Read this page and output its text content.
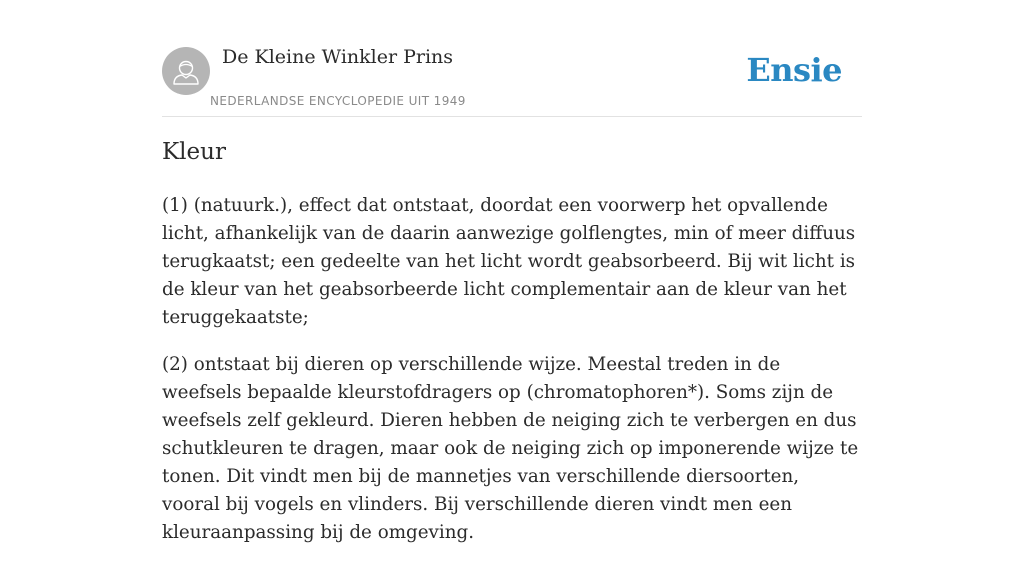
De Kleine Winkler Prins
NEDERLANDSE ENCYCLOPEDIE UIT 1949
Ensie
Kleur

(1) (natuurk.), effect dat ontstaat, doordat een voorwerp het opvallende licht, afhankelijk van de daarin aanwezige golflengtes, min of meer diffuus terugkaatst; een gedeelte van het licht wordt geabsorbeerd. Bij wit licht is de kleur van het geabsorbeerde licht complementair aan de kleur van het teruggekaatste;

(2) ontstaat bij dieren op verschillende wijze. Meestal treden in de weefsels bepaalde kleurstofdragers op (chromatophoren*). Soms zijn de weefsels zelf gekleurd. Dieren hebben de neiging zich te verbergen en dus schutkleuren te dragen, maar ook de neiging zich op imponerende wijze te tonen. Dit vindt men bij de mannetjes van verschillende diersoorten, vooral bij vogels en vlinders. Bij verschillende dieren vindt men een kleuraanpassing bij de omgeving.
